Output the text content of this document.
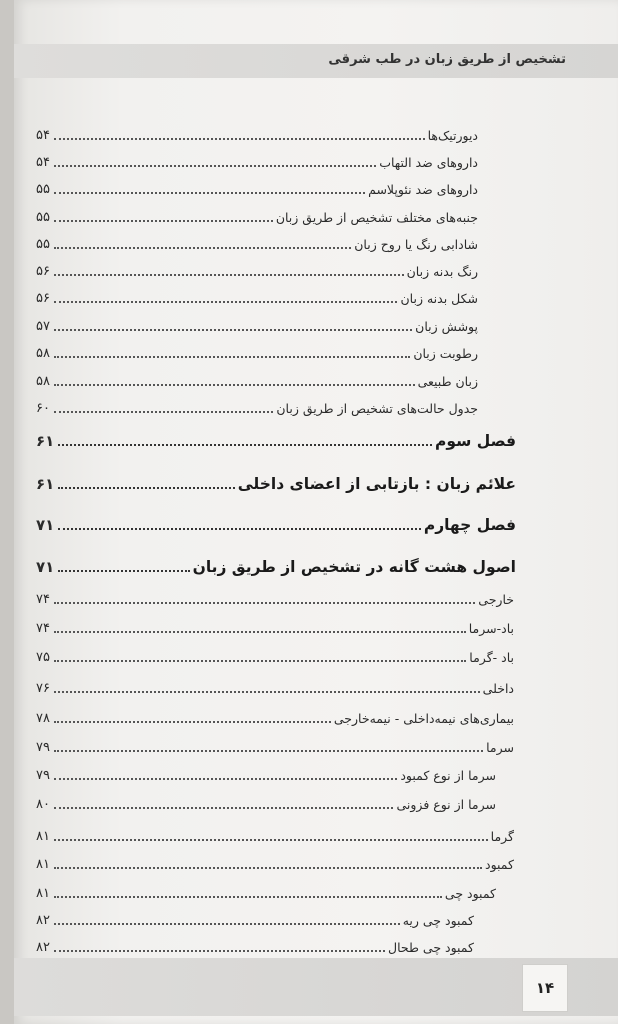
تشخیص از طریق زبان در طب شرقی
دیورتیک‌ها
۵۴
داروهای ضد التهاب
۵۴
داروهای ضد نئوپلاسم
۵۵
جنبه‌های مختلف تشخیص از طریق زبان
۵۵
شادابی رنگ یا روح زبان
۵۵
رنگ بدنه زبان
۵۶
شکل بدنه زبان
۵۶
پوشش زبان
۵۷
رطوبت زبان
۵۸
زبان طبیعی
۵۸
جدول حالت‌های تشخیص از طریق زبان
۶۰
فصل سوم
۶۱
علائم زبان : بازتابی از اعضای داخلی
۶۱
فصل چهارم
۷۱
اصول هشت گانه در تشخیص از طریق زبان
۷۱
خارجی
۷۴
باد-سرما
۷۴
باد -گرما
۷۵
داخلی
۷۶
بیماری‌های نیمه‌داخلی - نیمه‌خارجی
۷۸
سرما
۷۹
سرما از نوع کمبود
۷۹
سرما از نوع فزونی
۸۰
گرما
۸۱
کمبود
۸۱
کمبود چی
۸۱
کمبود چی ریه
۸۲
کمبود چی طحال
۸۲
۱۴
